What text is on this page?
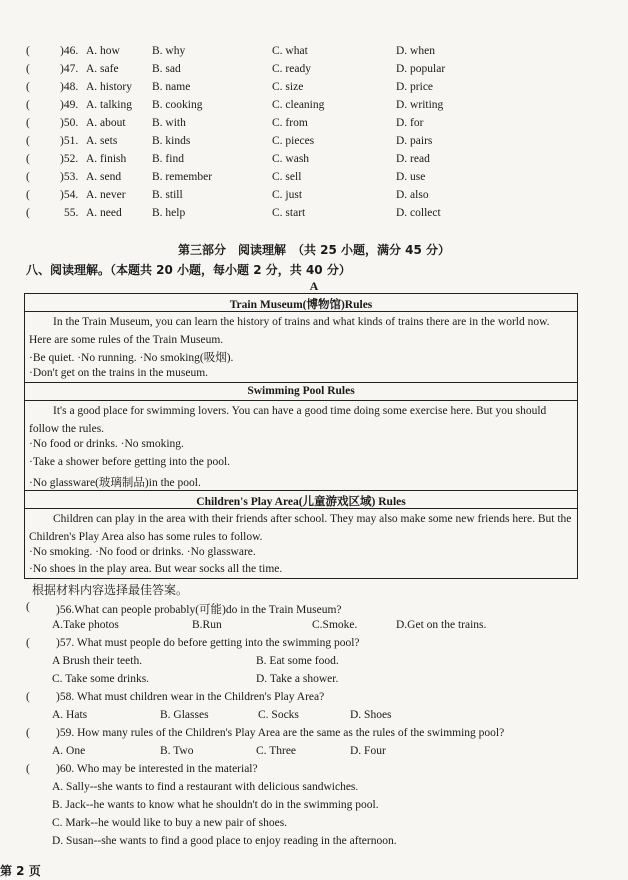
(	)46. A. how	B. why	C. what	D. when
(	)47. A. safe	B. sad	C. ready	D. popular
(	)48. A. history B. name	C. size	D. price
(	)49. A. talking B. cooking	C. cleaning	D. writing
(	)50. A. about B. with	C. from	D. for
(	)51. A. sets	B. kinds	C. pieces	D. pairs
(	)52. A. finish B. find	C. wash	D. read
(	)53. A. send	B. remember	C. sell	D. use
(	)54. A. never B. still	C. just	D. also
(	55. A. need	B. help	C. start	D. collect
第三部分　阅读理解　（共 25 小题，满分 45 分）
八、阅读理解。（本题共 20 小题，每小题 2 分，共 40 分）
A
Train Museum(博物馆)Rules
In the Train Museum, you can learn the history of trains and what kinds of trains there are in the world now. Here are some rules of the Train Museum.
·Be quiet. ·No running. ·No smoking(吸烟).
·Don't get on the trains in the museum.
Swimming Pool Rules
It's a good place for swimming lovers. You can have a good time doing some exercise here. But you should follow the rules.
·No food or drinks. ·No smoking.
·Take a shower before getting into the pool.
·No glassware(玻璃制品)in the pool.
Children's Play Area(儿童游戏区域) Rules
Children can play in the area with their friends after school. They may also make some new friends here. But the Children's Play Area also has some rules to follow.
·No smoking. ·No food or drinks. ·No glassware.
·No shoes in the play area. But wear socks all the time.
根据材料内容选择最佳答案。
( )56.What can people probably(可能)do in the Train Museum?
A.Take photos	B.Run	C.Smoke.	D.Get on the trains.
( )57. What must people do before getting into the swimming pool?
A Brush their teeth.	B. Eat some food.
C. Take some drinks.	D. Take a shower.
( )58. What must children wear in the Children's Play Area?
A. Hats	B. Glasses	C. Socks	D. Shoes
( )59. How many rules of the Children's Play Area are the same as the rules of the swimming pool?
A. One	B. Two	C. Three	D. Four
( )60. Who may be interested in the material?
A. Sally--she wants to find a restaurant with delicious sandwiches.
B. Jack--he wants to know what he shouldn't do in the swimming pool.
C. Mark--he would like to buy a new pair of shoes.
D. Susan--she wants to find a good place to enjoy reading in the afternoon.
第 2 页
